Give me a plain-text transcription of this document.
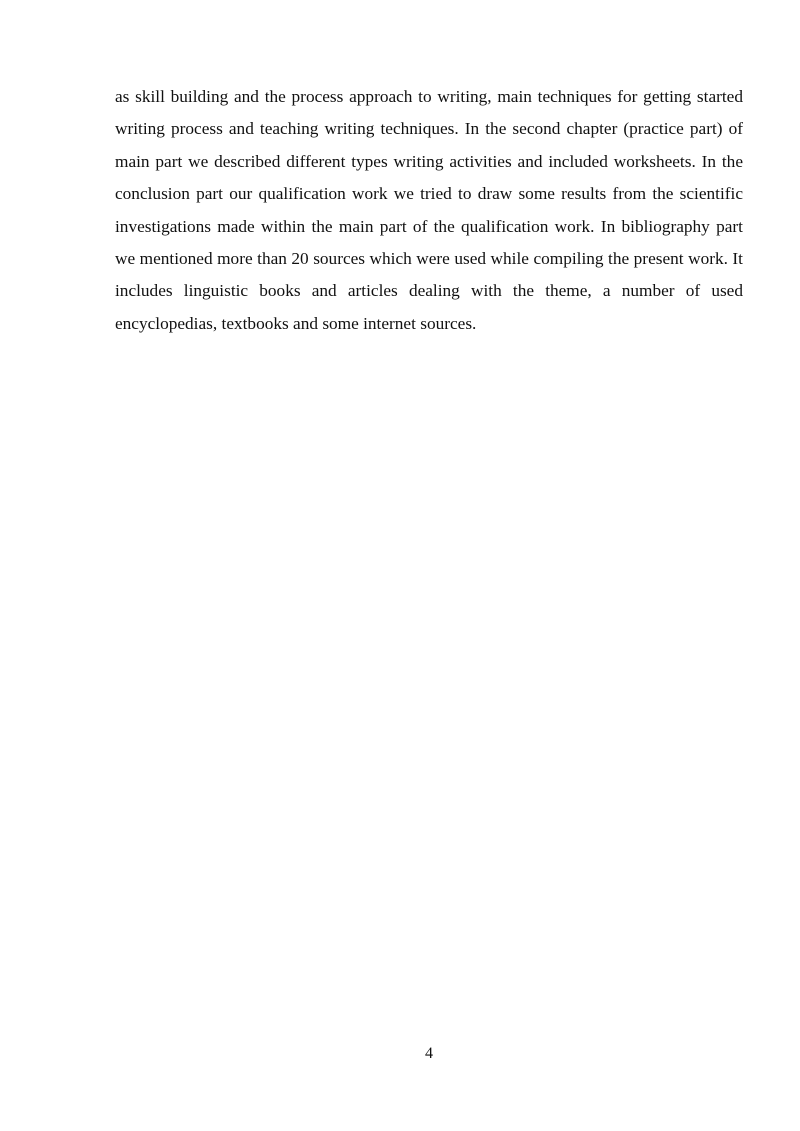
as skill building and the process approach to writing, main techniques for getting started writing process and teaching writing techniques. In the second chapter (practice part) of main part we described different types writing activities and included worksheets. In the conclusion part our qualification work we tried to draw some results from the scientific investigations made within the main part of the qualification work. In bibliography part we mentioned more than 20 sources which were used while compiling the present work. It includes linguistic books and articles dealing with the theme, a number of used encyclopedias, textbooks and some internet sources.

4
